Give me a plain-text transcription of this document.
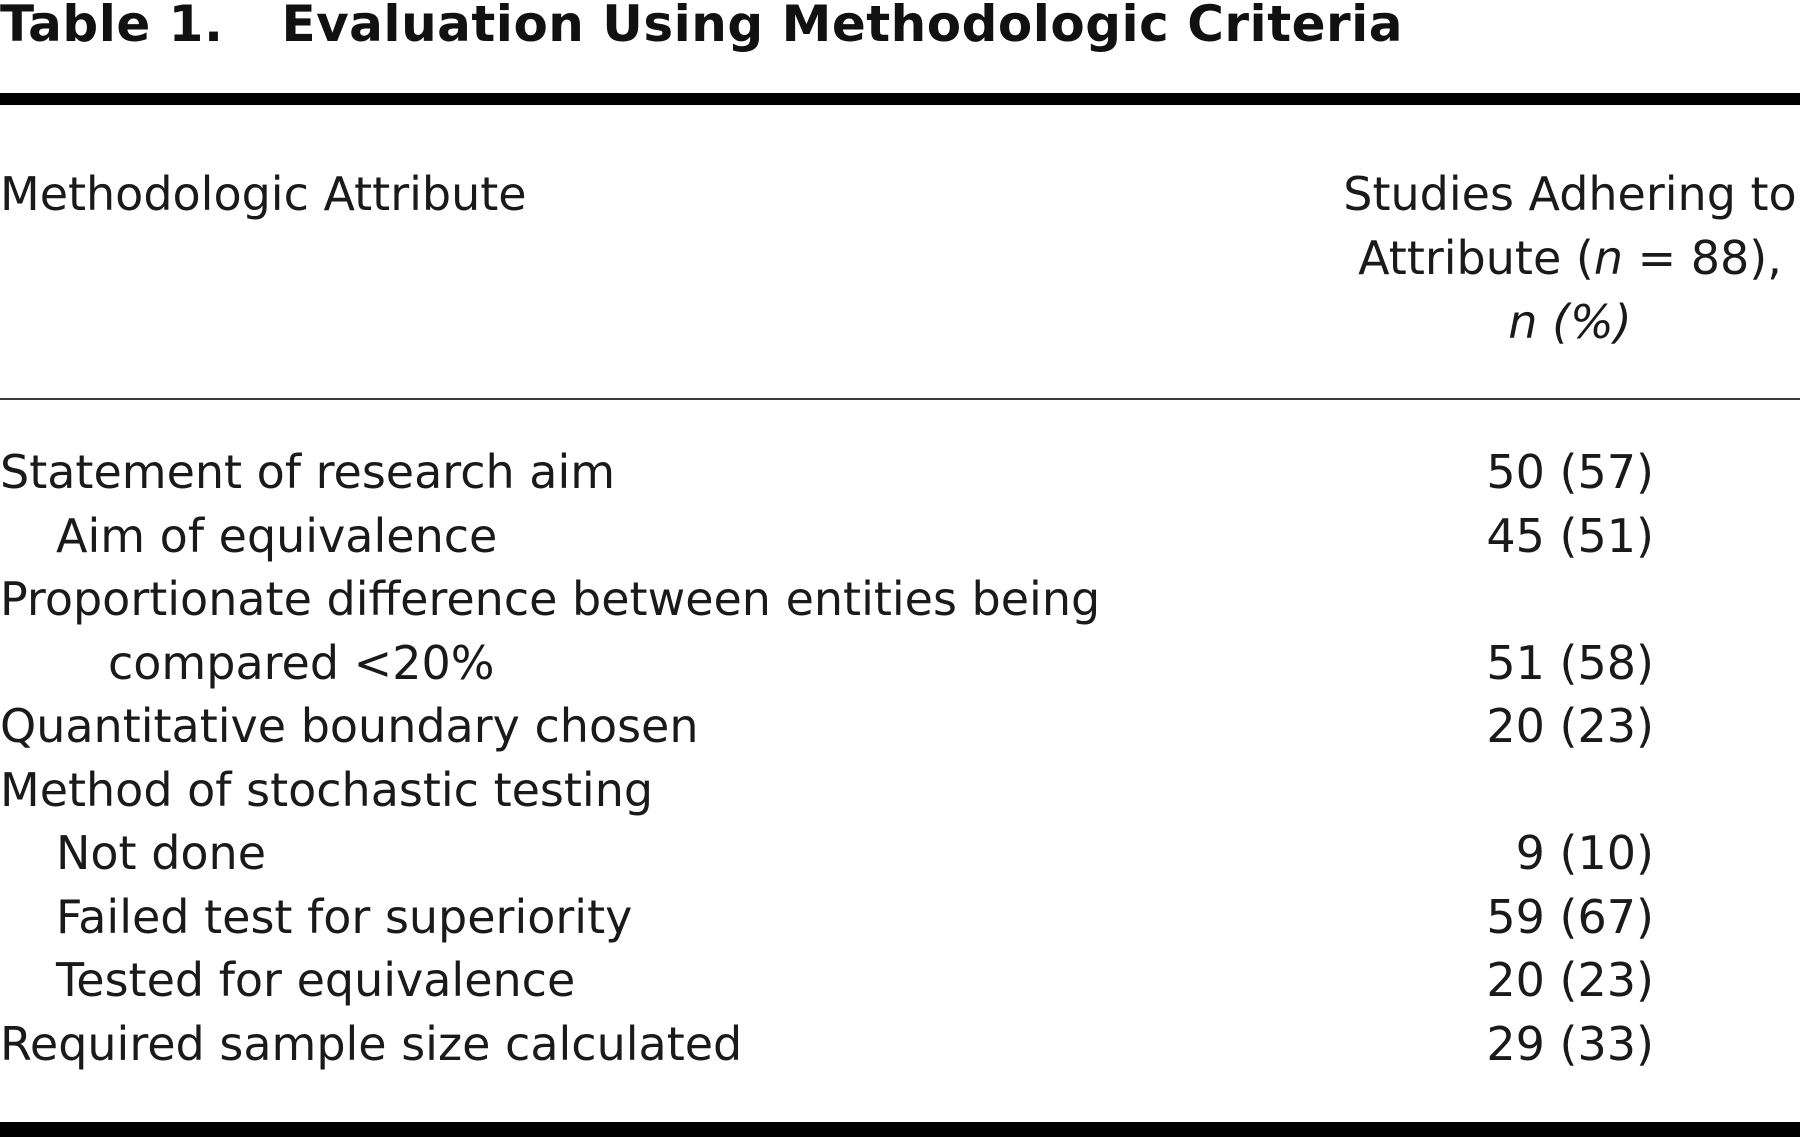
Table 1. Evaluation Using Methodologic Criteria
Methodologic Attribute	Studies Adhering to
Attribute (n = 88),
n (%)
Statement of research aim	50 (57)
Aim of equivalence	45 (51)
Proportionate difference between entities being
compared <20%	51 (58)
Quantitative boundary chosen	20 (23)
Method of stochastic testing
Not done	9 (10)
Failed test for superiority	59 (67)
Tested for equivalence	20 (23)
Required sample size calculated	29 (33)
